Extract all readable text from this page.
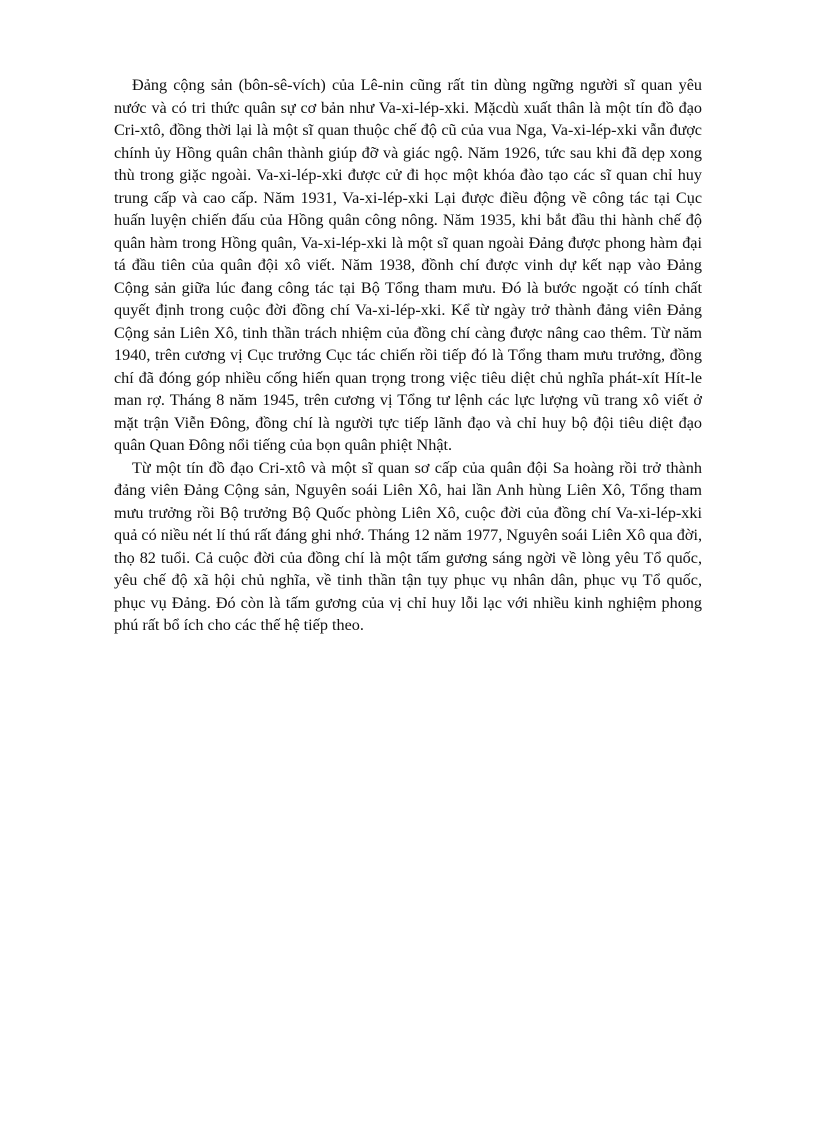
Đảng cộng sản (bôn-sê-vích) của Lê-nin cũng rất tin dùng ngững người sĩ quan yêu nước và có tri thức quân sự cơ bản như Va-xi-lép-xki. Mặcdù xuất thân là một tín đồ đạo Cri-xtô, đồng thời lại là một sĩ quan thuộc chế độ cũ của vua Nga, Va-xi-lép-xki vẫn được chính ủy Hồng quân chân thành giúp đỡ và giác ngộ. Năm 1926, tức sau khi đã dẹp xong thù trong giặc ngoài. Va-xi-lép-xki được cử đi học một khóa đào tạo các sĩ quan chỉ huy trung cấp và cao cấp. Năm 1931, Va-xi-lép-xki Lại được điều động về công tác tại Cục huấn luyện chiến đấu của Hồng quân công nông. Năm 1935, khi bắt đầu thi hành chế độ quân hàm trong Hồng quân, Va-xi-lép-xki là một sĩ quan ngoài Đảng được phong hàm đại tá đầu tiên của quân đội xô viết. Năm 1938, đồnh chí được vinh dự kết nạp vào Đảng Cộng sản giữa lúc đang công tác tại Bộ Tổng tham mưu. Đó là bước ngoặt có tính chất quyết định trong cuộc đời đồng chí Va-xi-lép-xki. Kể từ ngày trở thành đảng viên Đảng Cộng sản Liên Xô, tinh thần trách nhiệm của đồng chí càng được nâng cao thêm. Từ năm 1940, trên cương vị Cục trưởng Cục tác chiến rồi tiếp đó là Tổng tham mưu trưởng, đồng chí đã đóng góp nhiều cống hiến quan trọng trong việc tiêu diệt chủ nghĩa phát-xít Hít-le man rợ. Tháng 8 năm 1945, trên cương vị Tổng tư lệnh các lực lượng vũ trang xô viết ở mặt trận Viễn Đông, đồng chí là người tực tiếp lãnh đạo và chỉ huy bộ đội tiêu diệt đạo quân Quan Đông nổi tiếng của bọn quân phiệt Nhật.

Từ một tín đồ đạo Cri-xtô và một sĩ quan sơ cấp của quân đội Sa hoàng rồi trở thành đảng viên Đảng Cộng sản, Nguyên soái Liên Xô, hai lần Anh hùng Liên Xô, Tổng tham mưu trưởng rồi Bộ trưởng Bộ Quốc phòng Liên Xô, cuộc đời của đồng chí Va-xi-lép-xki quả có niều nét lí thú rất đáng ghi nhớ. Tháng 12 năm 1977, Nguyên soái Liên Xô qua đời, thọ 82 tuổi. Cả cuộc đời của đồng chí là một tấm gương sáng ngời về lòng yêu Tổ quốc, yêu chế độ xã hội chủ nghĩa, về tinh thần tận tụy phục vụ nhân dân, phục vụ Tổ quốc, phục vụ Đảng. Đó còn là tấm gương của vị chỉ huy lỗi lạc với nhiều kinh nghiệm phong phú rất bổ ích cho các thế hệ tiếp theo.
